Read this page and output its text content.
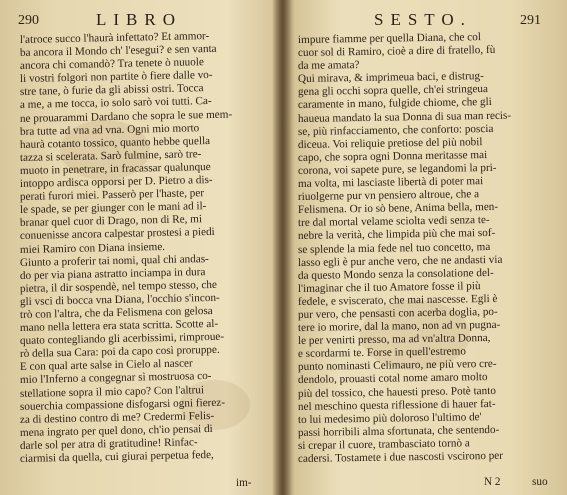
290	LIBRO
l'atroce succo l'haurà infettato? Et ammor-
ba ancora il Mondo ch' l'esegui? e sen vanta
ancora chi comandò? Tra tenete ò nuuole
li vostri folgori non partite ò fiere dalle vo-
stre tane, ò furie da gli abissi ostri. Tocca
a me, a me tocca, io solo sarò voi tutti. Ca-
ne prouarammi Dardano che sopra le sue mem-
bra tutte ad vna ad vna. Ogni mio morto
haurà cotanto tossico, quanto hebbe quella
tazza si scelerata. Sarò fulmine, sarò tre-
muoto in penetrare, in fracassar qualunque
intoppo ardisca opporsi per D. Pietro a dis-
perati furori miei. Passerò per l'haste, per
le spade, se per giunger con le mani ad il-
branar quel cuor di Drago, non di Re, mi
conuenisse ancora calpestar prostesi a piedi
miei Ramiro con Diana insieme.
Giunto a proferir tai nomi, qual chi andas-
do per via piana astratto inciampa in dura
pietra, il dir sospendè, nel tempo stesso, che
gli vsci di bocca vna Diana, l'occhio s'incon-
trò con l'altra, che da Felismena con gelosa
mano nella lettera era stata scritta. Scotte al-
quato contegliando gli acerbissimi, rimproue-
rò della sua Cara: poi da capo così proruppe.
E con qual arte salse in Cielo al nascer
mio l'Inferno a congegnar sì mostruosa co-
stellatione sopra il mio capo? Con l'altrui
souerchia compassione disfogarsi ogni fierez-
za di destino contro di me? Credermi Felis-
mena ingrato per quel dono, ch'io pensai di
darle sol per atra di gratitudine! Rinfac-
ciarmisi da quella, cui giurai perpetua fede,
im-
SESTO.	291
impure fiamme per quella Diana, che col
cuor sol di Ramiro, cioè a dire di fratello, fù
da me amata?
Qui mirava, & imprimeua baci, e distrug-
gena gli occhi sopra quelle, ch'ei stringeua
caramente in mano, fulgide chiome, che gli
haueua mandato la sua Donna di sua man recis-
se, più rinfacciamento, che conforto: poscia
diceua. Voi reliquie pretiose del più nobil
capo, che sopra ogni Donna meritasse mai
corona, voi sapete pure, se legandomi la pri-
ma volta, mi lasciaste libertà di poter mai
riuolgerne pur vn pensiero altroue, che a
Felismena. Or io sò bene, Anima bella, men-
tre dal mortal velame sciolta vedi senza te-
nebre la verità, che limpida più che mai sof-
se splende la mia fede nel tuo concetto, ma
lasso egli è pur anche vero, che ne andasti via
da questo Mondo senza la consolatione del-
l'imaginar che il tuo Amatore fosse il più
fedele, e sviscerato, che mai nascesse. Egli è
pur vero, che pensasti con acerba doglia, po-
tere io morire, dal la mano, non ad vn pugna-
le per venirti presso, ma ad vn'altra Donna,
e scordarmi te. Forse in quell'estremo
punto nominasti Celimauro, ne più vero cre-
dendolo, prouasti cotal nome amaro molto
più del tossico, che hauesti preso. Potè tanto
nel meschino questa riflessione di hauer fat-
to lui medesimo più doloroso l'ultimo de'
passi horribili alma sfortunata, che sentendo-
si crepar il cuore, trambasciato tornò a
cadersi. Tostamete i due nascosti vscirono per
N 2	suo
